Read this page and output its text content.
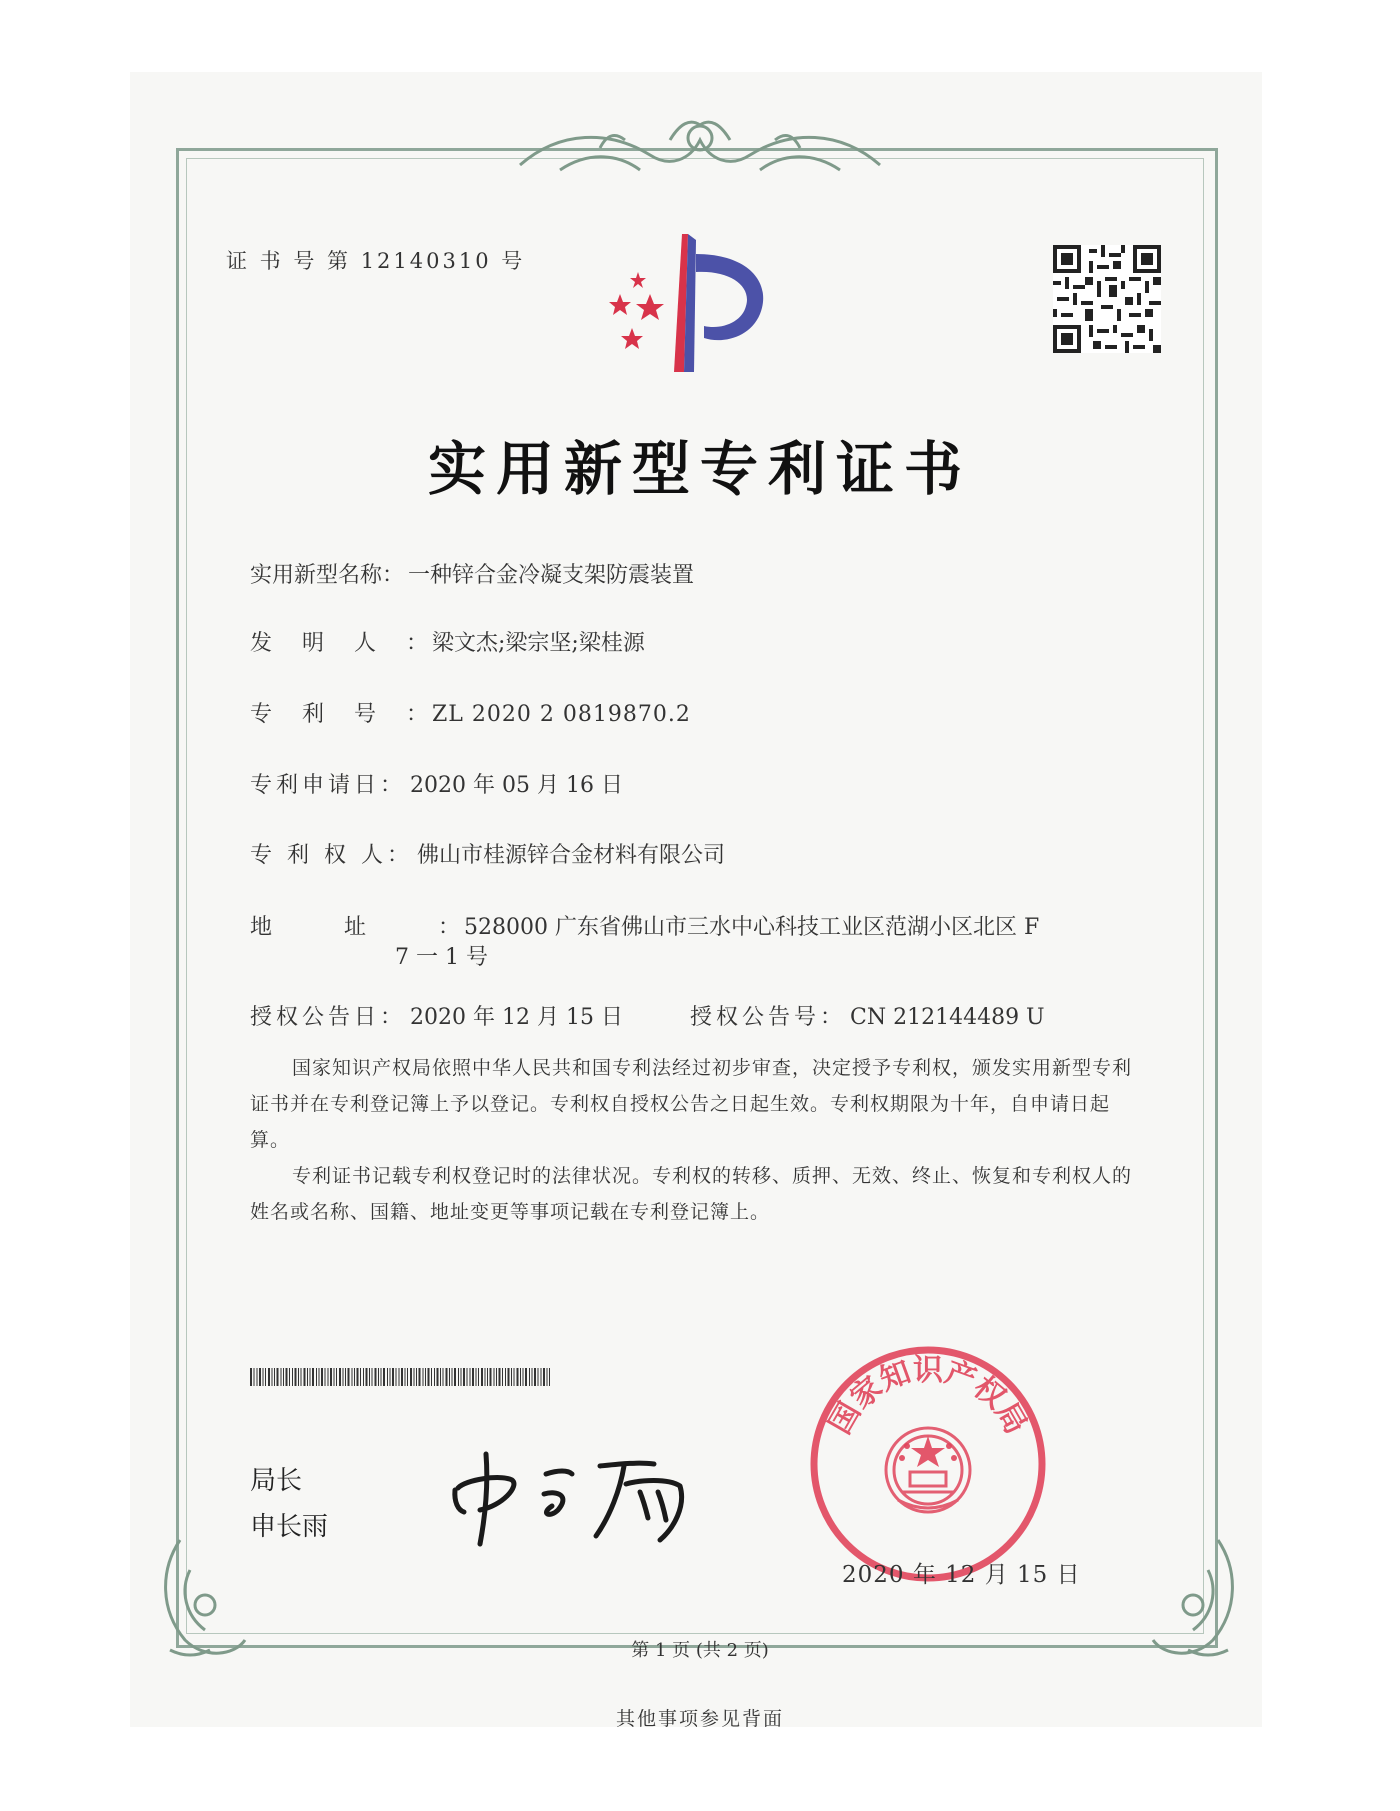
证 书 号 第 12140310 号
实用新型专利证书
实用新型名称： 一种锌合金冷凝支架防震装置
发明人：梁文杰;梁宗坚;梁桂源
专利号：ZL 2020 2 0819870.2
专利申请日： 2020 年 05 月 16 日
专 利 权 人： 佛山市桂源锌合金材料有限公司
地址：528000 广东省佛山市三水中心科技工业区范湖小区北区 F
7 一 1 号
授权公告日： 2020 年 12 月 15 日	授权公告号： CN 212144489 U
国家知识产权局依照中华人民共和国专利法经过初步审查，决定授予专利权，颁发实用新型专利证书并在专利登记簿上予以登记。专利权自授权公告之日起生效。专利权期限为十年，自申请日起算。
专利证书记载专利权登记时的法律状况。专利权的转移、质押、无效、终止、恢复和专利权人的姓名或名称、国籍、地址变更等事项记载在专利登记簿上。
局长
申长雨
国家知识产权局
2020 年 12 月 15 日
第 1 页 (共 2 页)
其他事项参见背面
